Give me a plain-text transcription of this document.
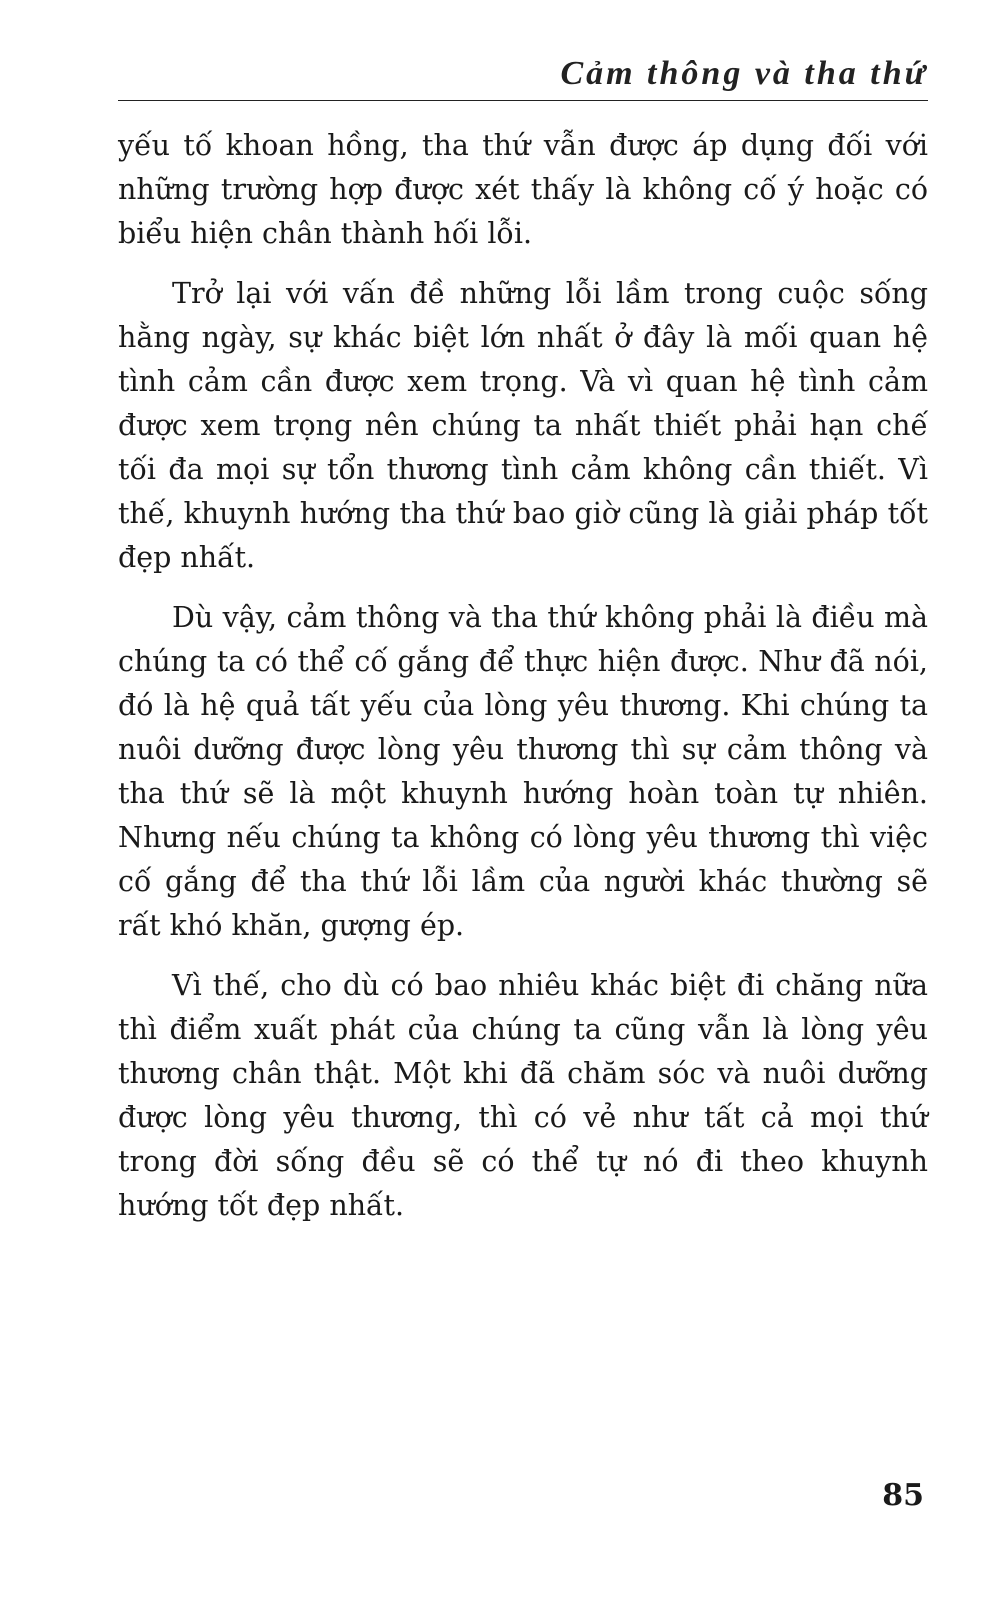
Cảm thông và tha thứ

yếu tố khoan hồng, tha thứ vẫn được áp dụng đối với những trường hợp được xét thấy là không cố ý hoặc có biểu hiện chân thành hối lỗi.

Trở lại với vấn đề những lỗi lầm trong cuộc sống hằng ngày, sự khác biệt lớn nhất ở đây là mối quan hệ tình cảm cần được xem trọng. Và vì quan hệ tình cảm được xem trọng nên chúng ta nhất thiết phải hạn chế tối đa mọi sự tổn thương tình cảm không cần thiết. Vì thế, khuynh hướng tha thứ bao giờ cũng là giải pháp tốt đẹp nhất.

Dù vậy, cảm thông và tha thứ không phải là điều mà chúng ta có thể cố gắng để thực hiện được. Như đã nói, đó là hệ quả tất yếu của lòng yêu thương. Khi chúng ta nuôi dưỡng được lòng yêu thương thì sự cảm thông và tha thứ sẽ là một khuynh hướng hoàn toàn tự nhiên. Nhưng nếu chúng ta không có lòng yêu thương thì việc cố gắng để tha thứ lỗi lầm của người khác thường sẽ rất khó khăn, gượng ép.

Vì thế, cho dù có bao nhiêu khác biệt đi chăng nữa thì điểm xuất phát của chúng ta cũng vẫn là lòng yêu thương chân thật. Một khi đã chăm sóc và nuôi dưỡng được lòng yêu thương, thì có vẻ như tất cả mọi thứ trong đời sống đều sẽ có thể tự nó đi theo khuynh hướng tốt đẹp nhất.

85
